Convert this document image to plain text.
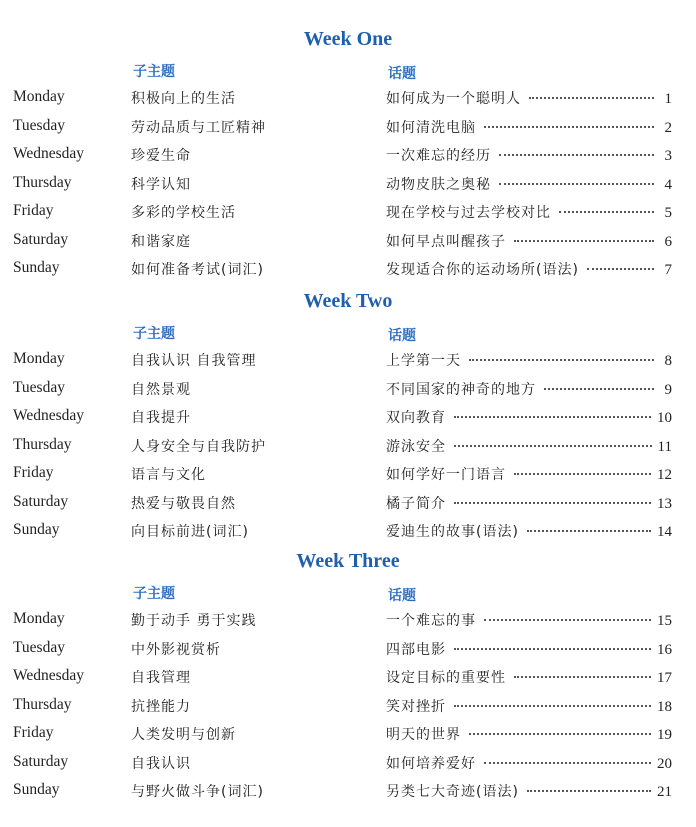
Week One
子主题	话题
Monday	积极向上的生活	如何成为一个聪明人	1
Tuesday	劳动品质与工匠精神	如何清洗电脑	2
Wednesday	珍爱生命	一次难忘的经历	3
Thursday	科学认知	动物皮肤之奥秘	4
Friday	多彩的学校生活	现在学校与过去学校对比	5
Saturday	和谐家庭	如何早点叫醒孩子	6
Sunday	如何准备考试(词汇)	发现适合你的运动场所(语法)	7
Week Two
子主题	话题
Monday	自我认识 自我管理	上学第一天	8
Tuesday	自然景观	不同国家的神奇的地方	9
Wednesday	自我提升	双向教育	10
Thursday	人身安全与自我防护	游泳安全	11
Friday	语言与文化	如何学好一门语言	12
Saturday	热爱与敬畏自然	橘子简介	13
Sunday	向目标前进(词汇)	爱迪生的故事(语法)	14
Week Three
子主题	话题
Monday	勤于动手 勇于实践	一个难忘的事	15
Tuesday	中外影视赏析	四部电影	16
Wednesday	自我管理	设定目标的重要性	17
Thursday	抗挫能力	笑对挫折	18
Friday	人类发明与创新	明天的世界	19
Saturday	自我认识	如何培养爱好	20
Sunday	与野火做斗争(词汇)	另类七大奇迹(语法)	21
